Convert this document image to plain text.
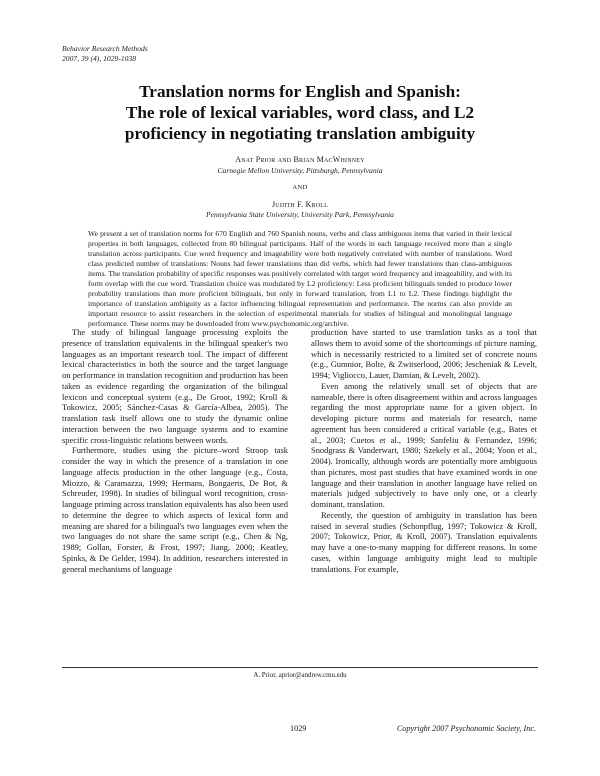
Behavior Research Methods
2007, 39 (4), 1029-1038
Translation norms for English and Spanish:
The role of lexical variables, word class, and L2
proficiency in negotiating translation ambiguity
Anat Prior and Brian MacWhinney
Carnegie Mellon University, Pittsburgh, Pennsylvania
AND
Judith F. Kroll
Pennsylvania State University, University Park, Pennsylvania
We present a set of translation norms for 670 English and 760 Spanish nouns, verbs and class ambiguous items that varied in their lexical properties in both languages, collected from 80 bilingual participants. Half of the words in each language received more than a single translation across participants. Cue word frequency and imageability were both negatively correlated with number of translations. Word class predicted number of translations: Nouns had fewer translations than did verbs, which had fewer translations than class-ambiguous items. The translation probability of specific responses was positively correlated with target word frequency and imageability, and with its form overlap with the cue word. Translation choice was modulated by L2 proficiency: Less proficient bilinguals tended to produce lower probability translations than more proficient bilinguals, but only in forward translation, from L1 to L2. These findings highlight the importance of translation ambiguity as a factor influencing bilingual representation and performance. The norms can also provide an important resource to assist researchers in the selection of experimental materials for studies of bilingual and monolingual language performance. These norms may be downloaded from www.psychonomic.org/archive.

The study of bilingual language processing exploits the presence of translation equivalents in the bilingual speaker's two languages as an important research tool. The impact of different lexical characteristics in both the source and the target language on performance in translation recognition and production has been taken as evidence regarding the organization of the bilingual lexicon and conceptual system (e.g., De Groot, 1992; Kroll & Tokowicz, 2005; Sánchez-Casas & García-Albea, 2005). The translation task itself allows one to study the dynamic online interaction between the two language systems and to examine specific cross-linguistic relations between words.

Furthermore, studies using the picture–word Stroop task consider the way in which the presence of a translation in one language affects production in the other language (e.g., Costa, Miozzo, & Caramazza, 1999; Hermans, Bongaerts, De Bot, & Schreuder, 1998). In studies of bilingual word recognition, cross-language priming across translation equivalents has also been used to determine the degree to which aspects of lexical form and meaning are shared for a bilingual's two languages even when the two languages do not share the same script (e.g., Chen & Ng, 1989; Gollan, Forster, & Frost, 1997; Jiang, 2000; Keatley, Spinks, & De Gelder, 1994). In addition, researchers interested in general mechanisms of language

production have started to use translation tasks as a tool that allows them to avoid some of the shortcomings of picture naming, which is necessarily restricted to a limited set of concrete nouns (e.g., Gumnior, Bolte, & Zwitserlood, 2006; Jescheniak & Levelt, 1994; Vigliocco, Lauer, Damian, & Levelt, 2002).

Even among the relatively small set of objects that are nameable, there is often disagreement within and across languages regarding the most appropriate name for a given object. In developing picture norms and materials for research, name agreement has been considered a critical variable (e.g., Bates et al., 2003; Cuetos et al., 1999; Sanfeliu & Fernandez, 1996; Snodgrass & Vanderwart, 1980; Szekely et al., 2004; Yoon et al., 2004). Ironically, although words are potentially more ambiguous than pictures, most past studies that have examined words in one language and their translation in another language have relied on materials judged subjectively to have only one, or a clearly dominant, translation.

Recently, the question of ambiguity in translation has been raised in several studies (Schonpflug, 1997; Tokowicz & Kroll, 2007; Tokowicz, Prior, & Kroll, 2007). Translation equivalents may have a one-to-many mapping for different reasons. In some cases, within language ambiguity might lead to multiple translations. For example,

A. Prior, aprior@andrew.cmu.edu
1029	Copyright 2007 Psychonomic Society, Inc.
